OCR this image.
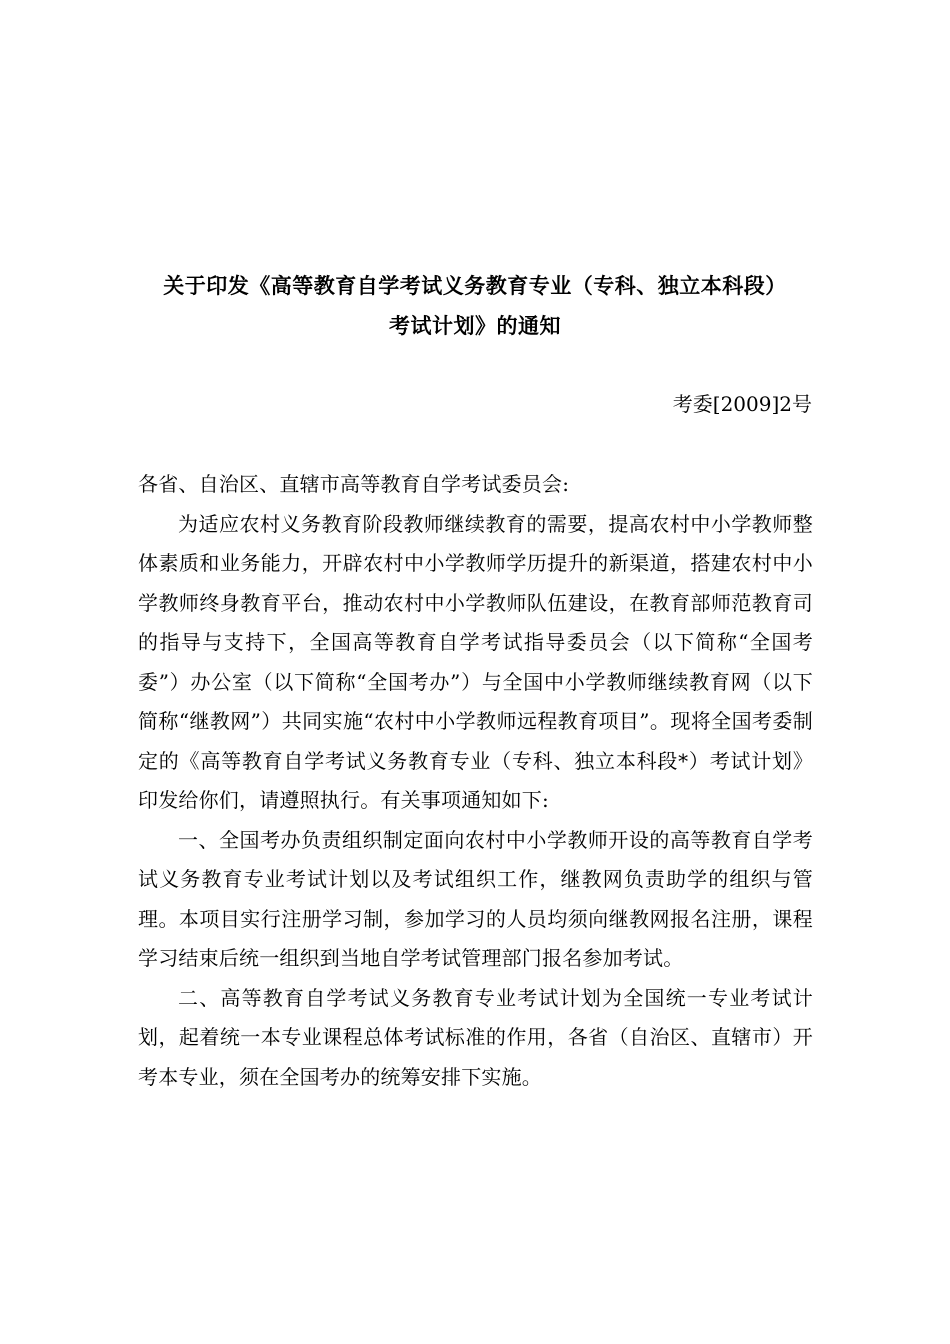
关于印发《高等教育自学考试义务教育专业（专科、独立本科段）
考试计划》的通知
考委[2009]2号

各省、自治区、直辖市高等教育自学考试委员会:

为适应农村义务教育阶段教师继续教育的需要，提高农村中小学教师整体素质和业务能力，开辟农村中小学教师学历提升的新渠道，搭建农村中小学教师终身教育平台，推动农村中小学教师队伍建设，在教育部师范教育司的指导与支持下，全国高等教育自学考试指导委员会（以下简称“全国考委”）办公室（以下简称“全国考办”）与全国中小学教师继续教育网（以下简称“继教网”）共同实施“农村中小学教师远程教育项目”。现将全国考委制定的《高等教育自学考试义务教育专业（专科、独立本科段*）考试计划》印发给你们，请遵照执行。有关事项通知如下:

一、全国考办负责组织制定面向农村中小学教师开设的高等教育自学考试义务教育专业考试计划以及考试组织工作，继教网负责助学的组织与管理。本项目实行注册学习制，参加学习的人员均须向继教网报名注册，课程学习结束后统一组织到当地自学考试管理部门报名参加考试。

二、高等教育自学考试义务教育专业考试计划为全国统一专业考试计划，起着统一本专业课程总体考试标准的作用，各省（自治区、直辖市）开考本专业，须在全国考办的统筹安排下实施。
